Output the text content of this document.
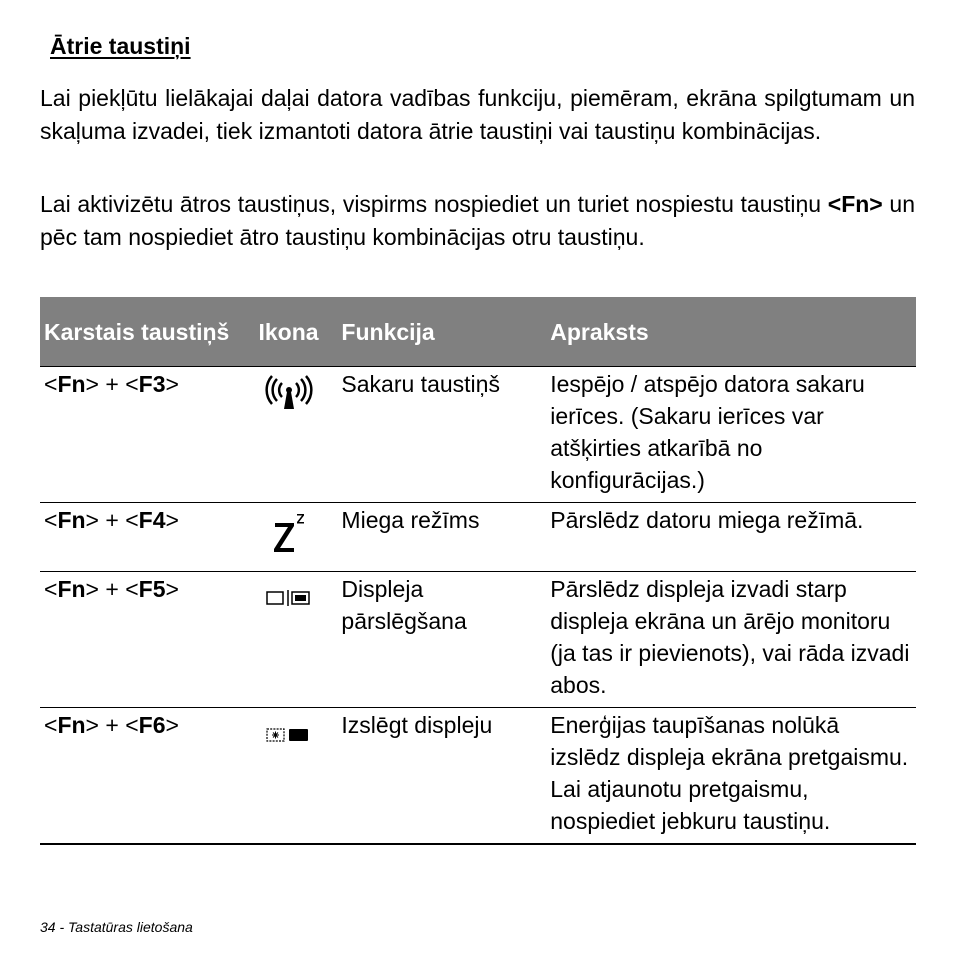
Ātrie taustiņi
Lai piekļūtu lielākajai daļai datora vadības funkciju, piemēram, ekrāna spilgtumam un skaļuma izvadei, tiek izmantoti datora ātrie taustiņi vai taustiņu kombinācijas.
Lai aktivizētu ātros taustiņus, vispirms nospiediet un turiet nospiestu taustiņu <Fn> un pēc tam nospiediet ātro taustiņu kombinācijas otru taustiņu.
Karstais taustiņš	Ikona	Funkcija	Apraksts
<Fn> + <F3>		Sakaru taustiņš	Iespējo / atspējo datora sakaru ierīces. (Sakaru ierīces var atšķirties atkarībā no konfigurācijas.)
<Fn> + <F4>		Miega režīms	Pārslēdz datoru miega režīmā.
<Fn> + <F5>		Displeja pārslēgšana	Pārslēdz displeja izvadi starp displeja ekrāna un ārējo monitoru (ja tas ir pievienots), vai rāda izvadi abos.
<Fn> + <F6>		Izslēgt displeju	Enerģijas taupīšanas nolūkā izslēdz displeja ekrāna pretgaismu. Lai atjaunotu pretgaismu, nospiediet jebkuru taustiņu.
34 - Tastatūras lietošana
